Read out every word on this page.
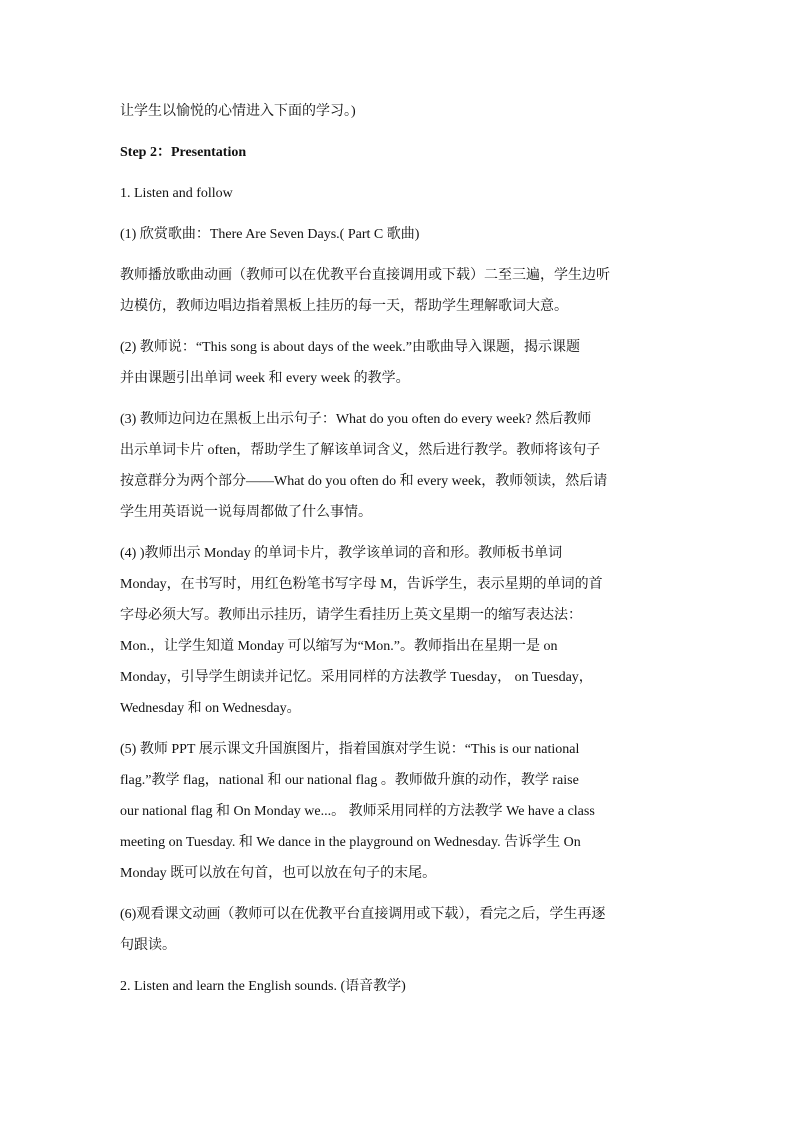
让学生以愉悦的心情进入下面的学习。)

Step 2：Presentation

1. Listen and follow

(1) 欣赏歌曲：There Are Seven Days.( Part C 歌曲)

教师播放歌曲动画（教师可以在优教平台直接调用或下载）二至三遍，学生边听
边模仿，教师边唱边指着黑板上挂历的每一天，帮助学生理解歌词大意。

(2) 教师说：“This song is about days of the week.”由歌曲导入课题，揭示课题
并由课题引出单词 week 和 every week 的教学。

(3) 教师边问边在黑板上出示句子：What do you often do every week? 然后教师
出示单词卡片 often，帮助学生了解该单词含义，然后进行教学。教师将该句子
按意群分为两个部分——What do you often do 和 every week，教师领读，然后请
学生用英语说一说每周都做了什么事情。

(4) )教师出示 Monday 的单词卡片，教学该单词的音和形。教师板书单词
Monday，在书写时，用红色粉笔书写字母 M，告诉学生，表示星期的单词的首
字母必须大写。教师出示挂历，请学生看挂历上英文星期一的缩写表达法：
Mon.，让学生知道 Monday 可以缩写为“Mon.”。教师指出在星期一是 on
Monday，引导学生朗读并记忆。采用同样的方法教学 Tuesday， on Tuesday，
Wednesday 和 on Wednesday。

(5) 教师 PPT 展示课文升国旗图片，指着国旗对学生说：“This is our national
flag.”教学 flag，national 和 our national flag 。教师做升旗的动作，教学 raise
our national flag 和 On Monday we...。 教师采用同样的方法教学 We have a class
meeting on Tuesday. 和 We dance in the playground on Wednesday. 告诉学生 On
Monday 既可以放在句首，也可以放在句子的末尾。

(6)观看课文动画（教师可以在优教平台直接调用或下载），看完之后，学生再逐
句跟读。

2. Listen and learn the English sounds. (语音教学)
